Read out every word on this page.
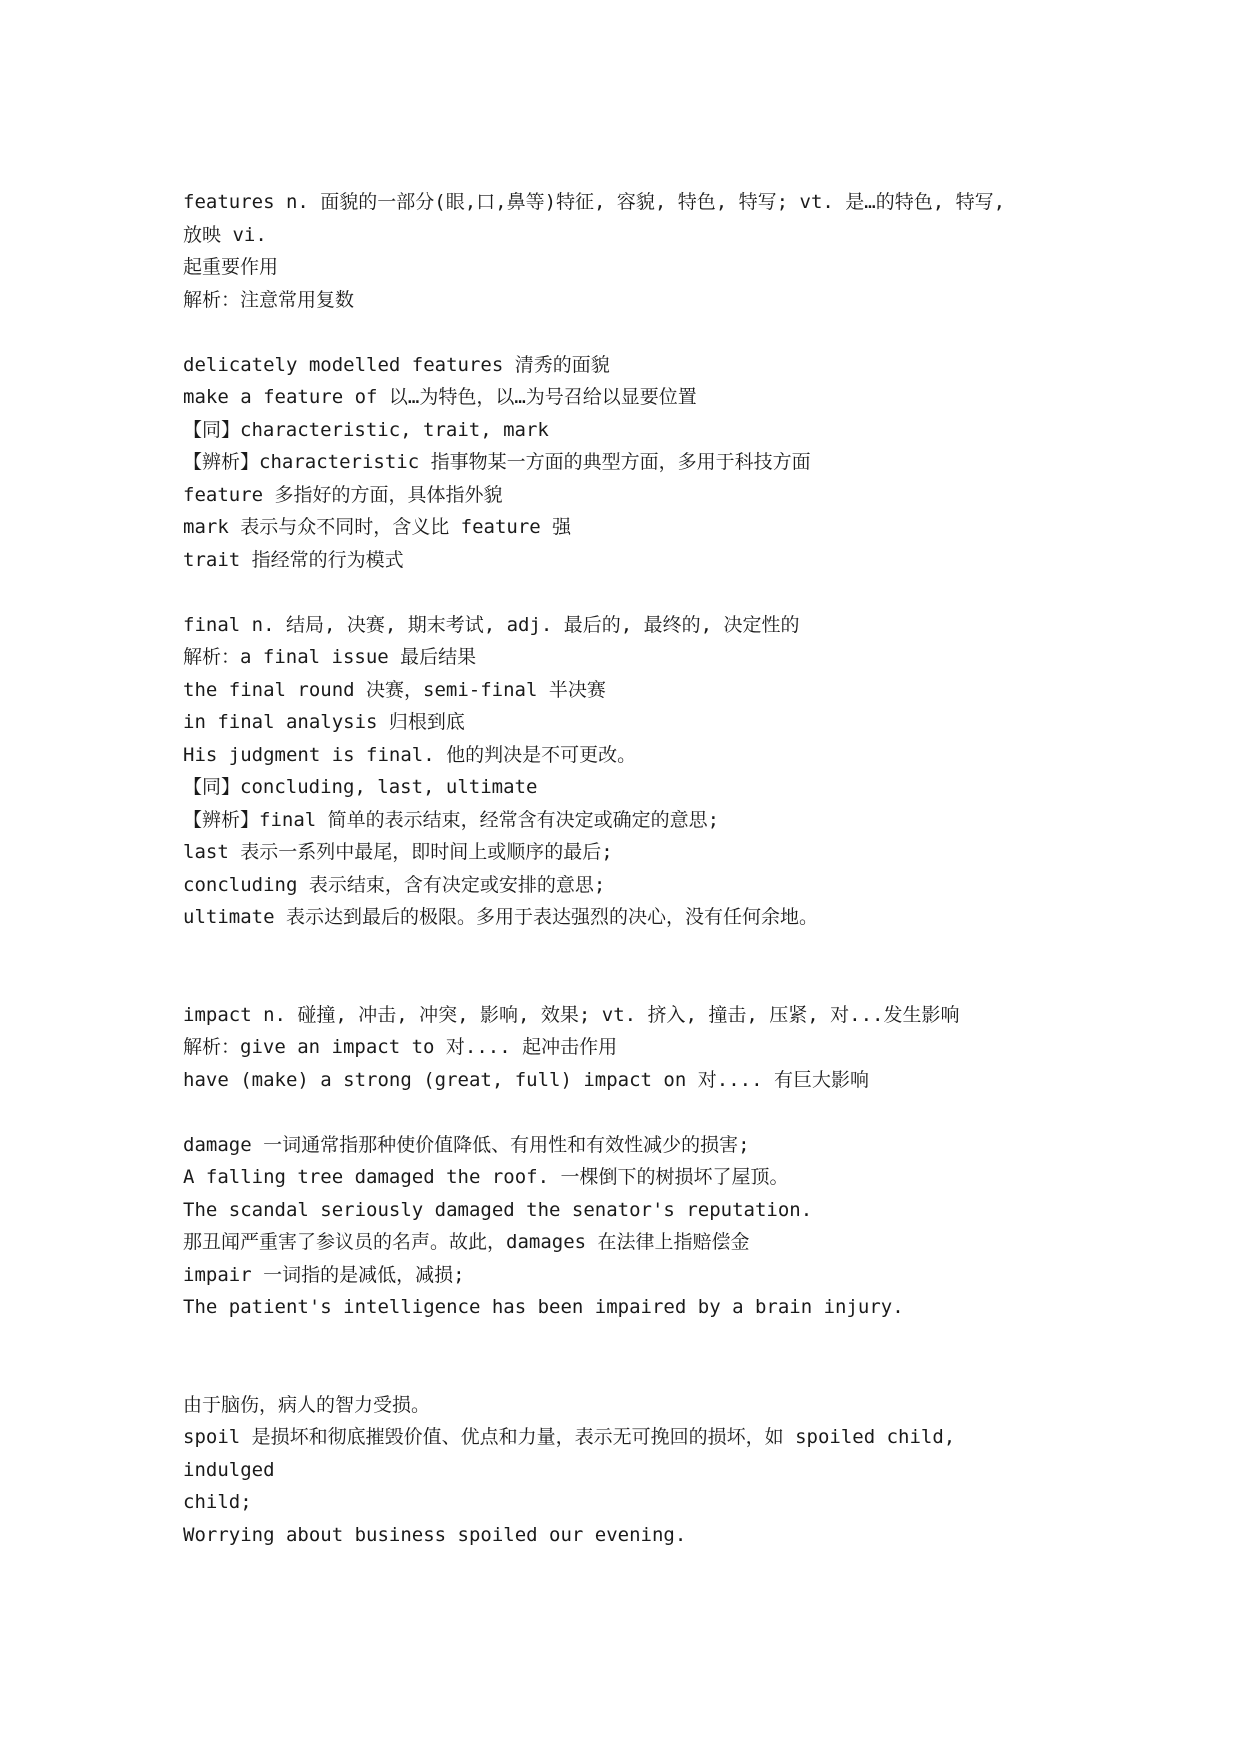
features n. 面貌的一部分(眼,口,鼻等)特征, 容貌, 特色, 特写; vt. 是…的特色, 特写,
放映 vi.
起重要作用
解析：注意常用复数
delicately modelled features 清秀的面貌
make a feature of 以…为特色，以…为号召给以显要位置
【同】characteristic, trait, mark
【辨析】characteristic 指事物某一方面的典型方面，多用于科技方面
feature 多指好的方面，具体指外貌
mark 表示与众不同时，含义比 feature 强
trait 指经常的行为模式
final n. 结局, 决赛, 期末考试, adj. 最后的, 最终的, 决定性的
解析：a final issue 最后结果
the final round 决赛，semi-final 半决赛
in final analysis 归根到底
His judgment is final. 他的判决是不可更改。
【同】concluding, last, ultimate
【辨析】final 简单的表示结束，经常含有决定或确定的意思;
last 表示一系列中最尾，即时间上或顺序的最后;
concluding 表示结束，含有决定或安排的意思;
ultimate 表示达到最后的极限。多用于表达强烈的决心，没有任何余地。
impact n. 碰撞, 冲击, 冲突, 影响, 效果; vt. 挤入, 撞击, 压紧, 对...发生影响
解析：give an impact to 对.... 起冲击作用
have (make) a strong (great, full) impact on 对.... 有巨大影响
damage 一词通常指那种使价值降低、有用性和有效性减少的损害;
A falling tree damaged the roof. 一棵倒下的树损坏了屋顶。
The scandal seriously damaged the senator's reputation.
那丑闻严重害了参议员的名声。故此，damages 在法律上指赔偿金
impair 一词指的是减低，减损;
The patient's intelligence has been impaired by a brain injury.
由于脑伤，病人的智力受损。
spoil 是损坏和彻底摧毁价值、优点和力量，表示无可挽回的损坏，如 spoiled child,
indulged
child;
Worrying about business spoiled our evening.
